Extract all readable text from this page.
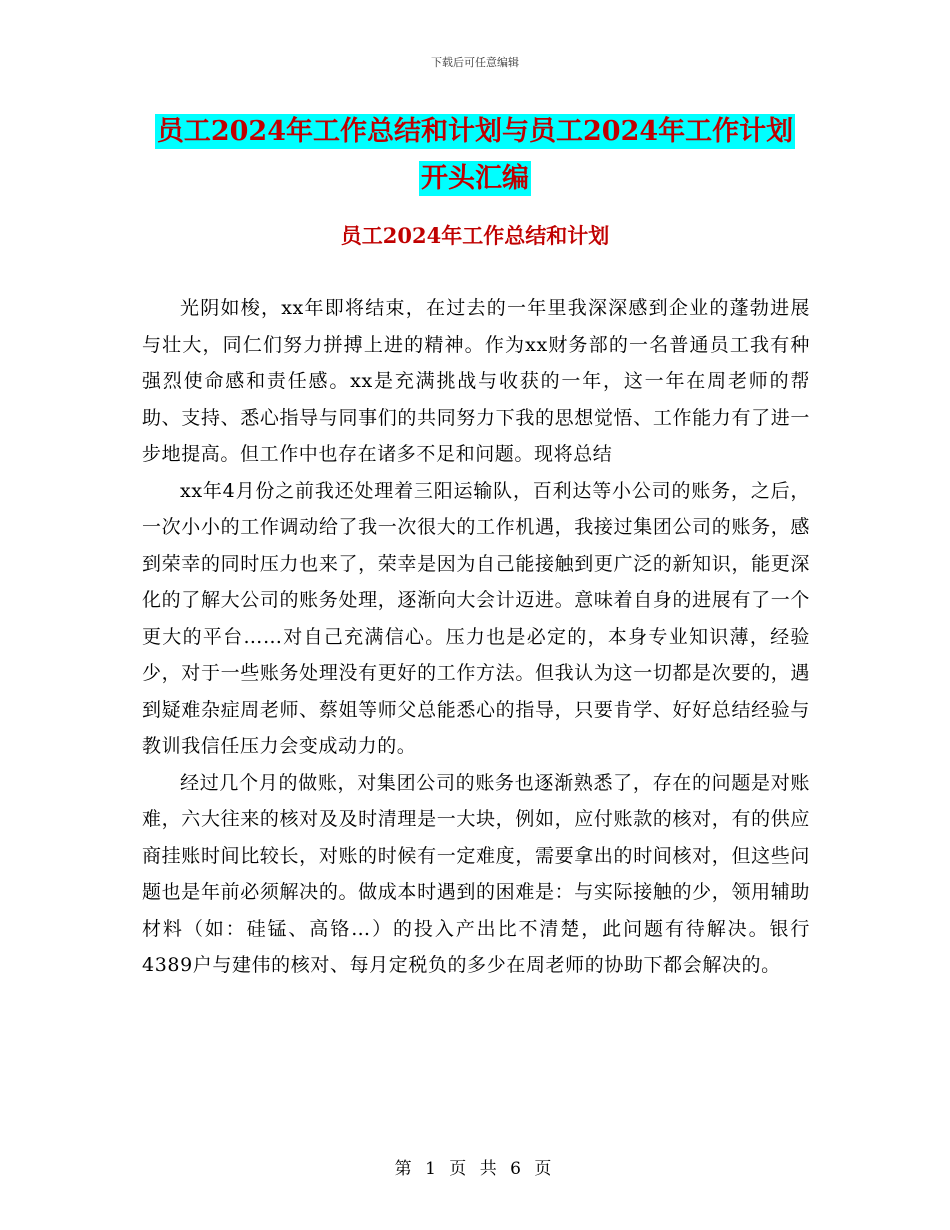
下载后可任意编辑
员工2024年工作总结和计划与员工2024年工作计划
开头汇编
员工2024年工作总结和计划

光阴如梭，xx年即将结束，在过去的一年里我深深感到企业的蓬勃进展与壮大，同仁们努力拼搏上进的精神。作为xx财务部的一名普通员工我有种强烈使命感和责任感。xx是充满挑战与收获的一年，这一年在周老师的帮助、支持、悉心指导与同事们的共同努力下我的思想觉悟、工作能力有了进一步地提高。但工作中也存在诸多不足和问题。现将总结

xx年4月份之前我还处理着三阳运输队，百利达等小公司的账务，之后，一次小小的工作调动给了我一次很大的工作机遇，我接过集团公司的账务，感到荣幸的同时压力也来了，荣幸是因为自己能接触到更广泛的新知识，能更深化的了解大公司的账务处理，逐渐向大会计迈进。意味着自身的进展有了一个更大的平台……对自己充满信心。压力也是必定的，本身专业知识薄，经验少，对于一些账务处理没有更好的工作方法。但我认为这一切都是次要的，遇到疑难杂症周老师、蔡姐等师父总能悉心的指导，只要肯学、好好总结经验与教训我信任压力会变成动力的。

经过几个月的做账，对集团公司的账务也逐渐熟悉了，存在的问题是对账难，六大往来的核对及及时清理是一大块，例如，应付账款的核对，有的供应商挂账时间比较长，对账的时候有一定难度，需要拿出的时间核对，但这些问题也是年前必须解决的。做成本时遇到的困难是：与实际接触的少，领用辅助材料（如：硅锰、高铬…）的投入产出比不清楚，此问题有待解决。银行4389户与建伟的核对、每月定税负的多少在周老师的协助下都会解决的。

第 1 页 共 6 页
